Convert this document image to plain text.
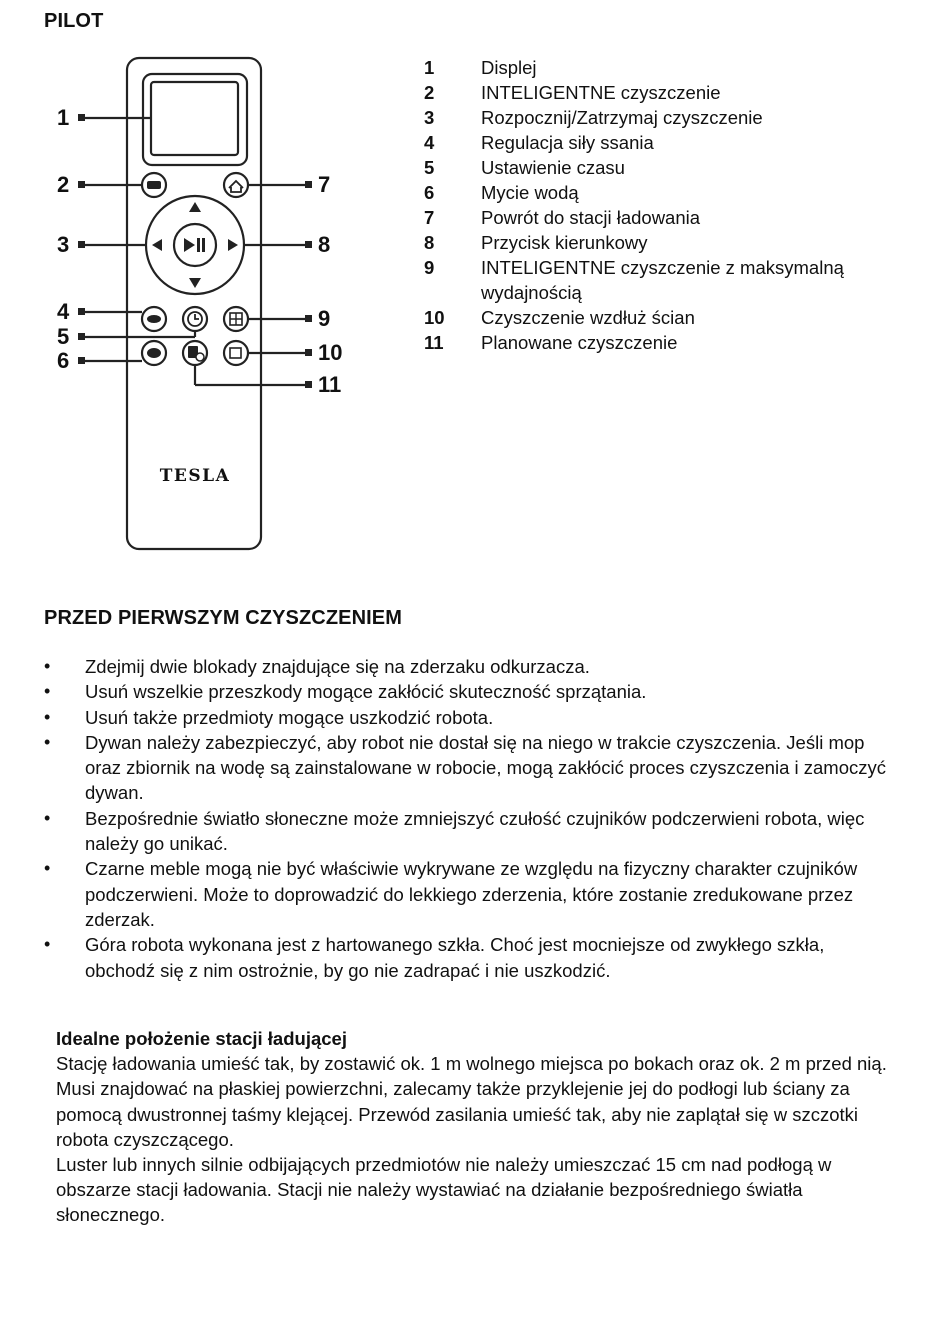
PILOT
1
2
3
4
5
6
7
8
9
10
11
TESLA
1	Displej
2	INTELIGENTNE czyszczenie
3	Rozpocznij/Zatrzymaj czyszczenie
4	Regulacja siły ssania
5	Ustawienie czasu
6	Mycie wodą
7	Powrót do stacji ładowania
8	Przycisk kierunkowy
9	INTELIGENTNE czyszczenie z maksymalną wydajnością
10	Czyszczenie wzdłuż ścian
11	Planowane czyszczenie
PRZED PIERWSZYM CZYSZCZENIEM
• Zdejmij dwie blokady znajdujące się na zderzaku odkurzacza.
• Usuń wszelkie przeszkody mogące zakłócić skuteczność sprzątania.
• Usuń także przedmioty mogące uszkodzić robota.
• Dywan należy zabezpieczyć, aby robot nie dostał się na niego w trakcie czyszczenia. Jeśli mop oraz zbiornik na wodę są zainstalowane w robocie, mogą zakłócić proces czyszczenia i zamoczyć dywan.
• Bezpośrednie światło słoneczne może zmniejszyć czułość czujników podczerwieni robota, więc należy go unikać.
• Czarne meble mogą nie być właściwie wykrywane ze względu na fizyczny charakter czujników podczerwieni. Może to doprowadzić do lekkiego zderzenia, które zostanie zredukowane przez zderzak.
• Góra robota wykonana jest z hartowanego szkła. Choć jest mocniejsze od zwykłego szkła, obchodź się z nim ostrożnie, by go nie zadrapać i nie uszkodzić.
Idealne położenie stacji ładującej

Stację ładowania umieść tak, by zostawić ok. 1 m wolnego miejsca po bokach oraz ok. 2 m przed nią. Musi znajdować na płaskiej powierzchni, zalecamy także przyklejenie jej do podłogi lub ściany za pomocą dwustronnej taśmy klejącej. Przewód zasilania umieść tak, aby nie zaplątał się w szczotki robota czyszczącego.

Luster lub innych silnie odbijających przedmiotów nie należy umieszczać 15 cm nad podłogą w obszarze stacji ładowania. Stacji nie należy wystawiać na działanie bezpośredniego światła słonecznego.
